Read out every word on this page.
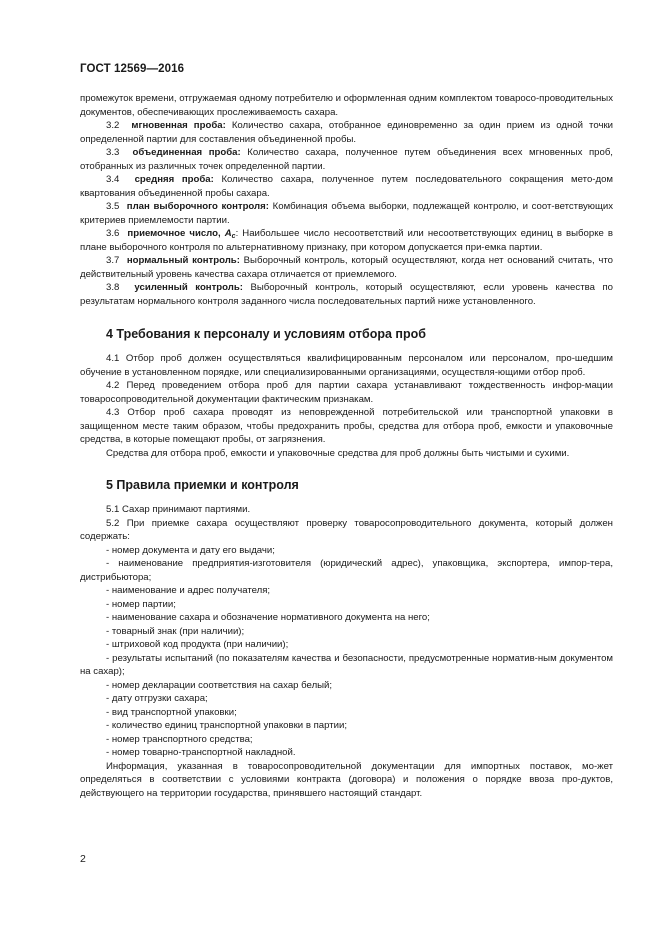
ГОСТ 12569—2016

промежуток времени, отгружаемая одному потребителю и оформленная одним комплектом товаросо-проводительных документов, обеспечивающих прослеживаемость сахара.

3.2 мгновенная проба: Количество сахара, отобранное единовременно за один прием из одной точки определенной партии для составления объединенной пробы.

3.3 объединенная проба: Количество сахара, полученное путем объединения всех мгновенных проб, отобранных из различных точек определенной партии.

3.4 средняя проба: Количество сахара, полученное путем последовательного сокращения мето-дом квартования объединенной пробы сахара.

3.5 план выборочного контроля: Комбинация объема выборки, подлежащей контролю, и соот-ветствующих критериев приемлемости партии.

3.6 приемочное число, $A_c$: Наибольшее число несоответствий или несоответствующих единиц в выборке в плане выборочного контроля по альтернативному признаку, при котором допускается при-емка партии.

3.7 нормальный контроль: Выборочный контроль, который осуществляют, когда нет оснований считать, что действительный уровень качества сахара отличается от приемлемого.

3.8 усиленный контроль: Выборочный контроль, который осуществляют, если уровень качества по результатам нормального контроля заданного числа последовательных партий ниже установленного.

4 Требования к персоналу и условиям отбора проб

4.1 Отбор проб должен осуществляться квалифицированным персоналом или персоналом, про-шедшим обучение в установленном порядке, или специализированными организациями, осуществля-ющими отбор проб.

4.2 Перед проведением отбора проб для партии сахара устанавливают тождественность инфор-мации товаросопроводительной документации фактическим признакам.

4.3 Отбор проб сахара проводят из неповрежденной потребительской или транспортной упаковки в защищенном месте таким образом, чтобы предохранить пробы, средства для отбора проб, емкости и упаковочные средства, в которые помещают пробы, от загрязнения.

Средства для отбора проб, емкости и упаковочные средства для проб должны быть чистыми и сухими.

5 Правила приемки и контроля

5.1 Сахар принимают партиями.

5.2 При приемке сахара осуществляют проверку товаросопроводительного документа, который должен содержать:

- номер документа и дату его выдачи;

- наименование предприятия-изготовителя (юридический адрес), упаковщика, экспортера, импор-тера, дистрибьютора;

- наименование и адрес получателя;

- номер партии;

- наименование сахара и обозначение нормативного документа на него;

- товарный знак (при наличии);

- штриховой код продукта (при наличии);

- результаты испытаний (по показателям качества и безопасности, предусмотренные норматив-ным документом на сахар);

- номер декларации соответствия на сахар белый;

- дату отгрузки сахара;

- вид транспортной упаковки;

- количество единиц транспортной упаковки в партии;

- номер транспортного средства;

- номер товарно-транспортной накладной.

Информация, указанная в товаросопроводительной документации для импортных поставок, мо-жет определяться в соответствии с условиями контракта (договора) и положения о порядке ввоза про-дуктов, действующего на территории государства, принявшего настоящий стандарт.

2
